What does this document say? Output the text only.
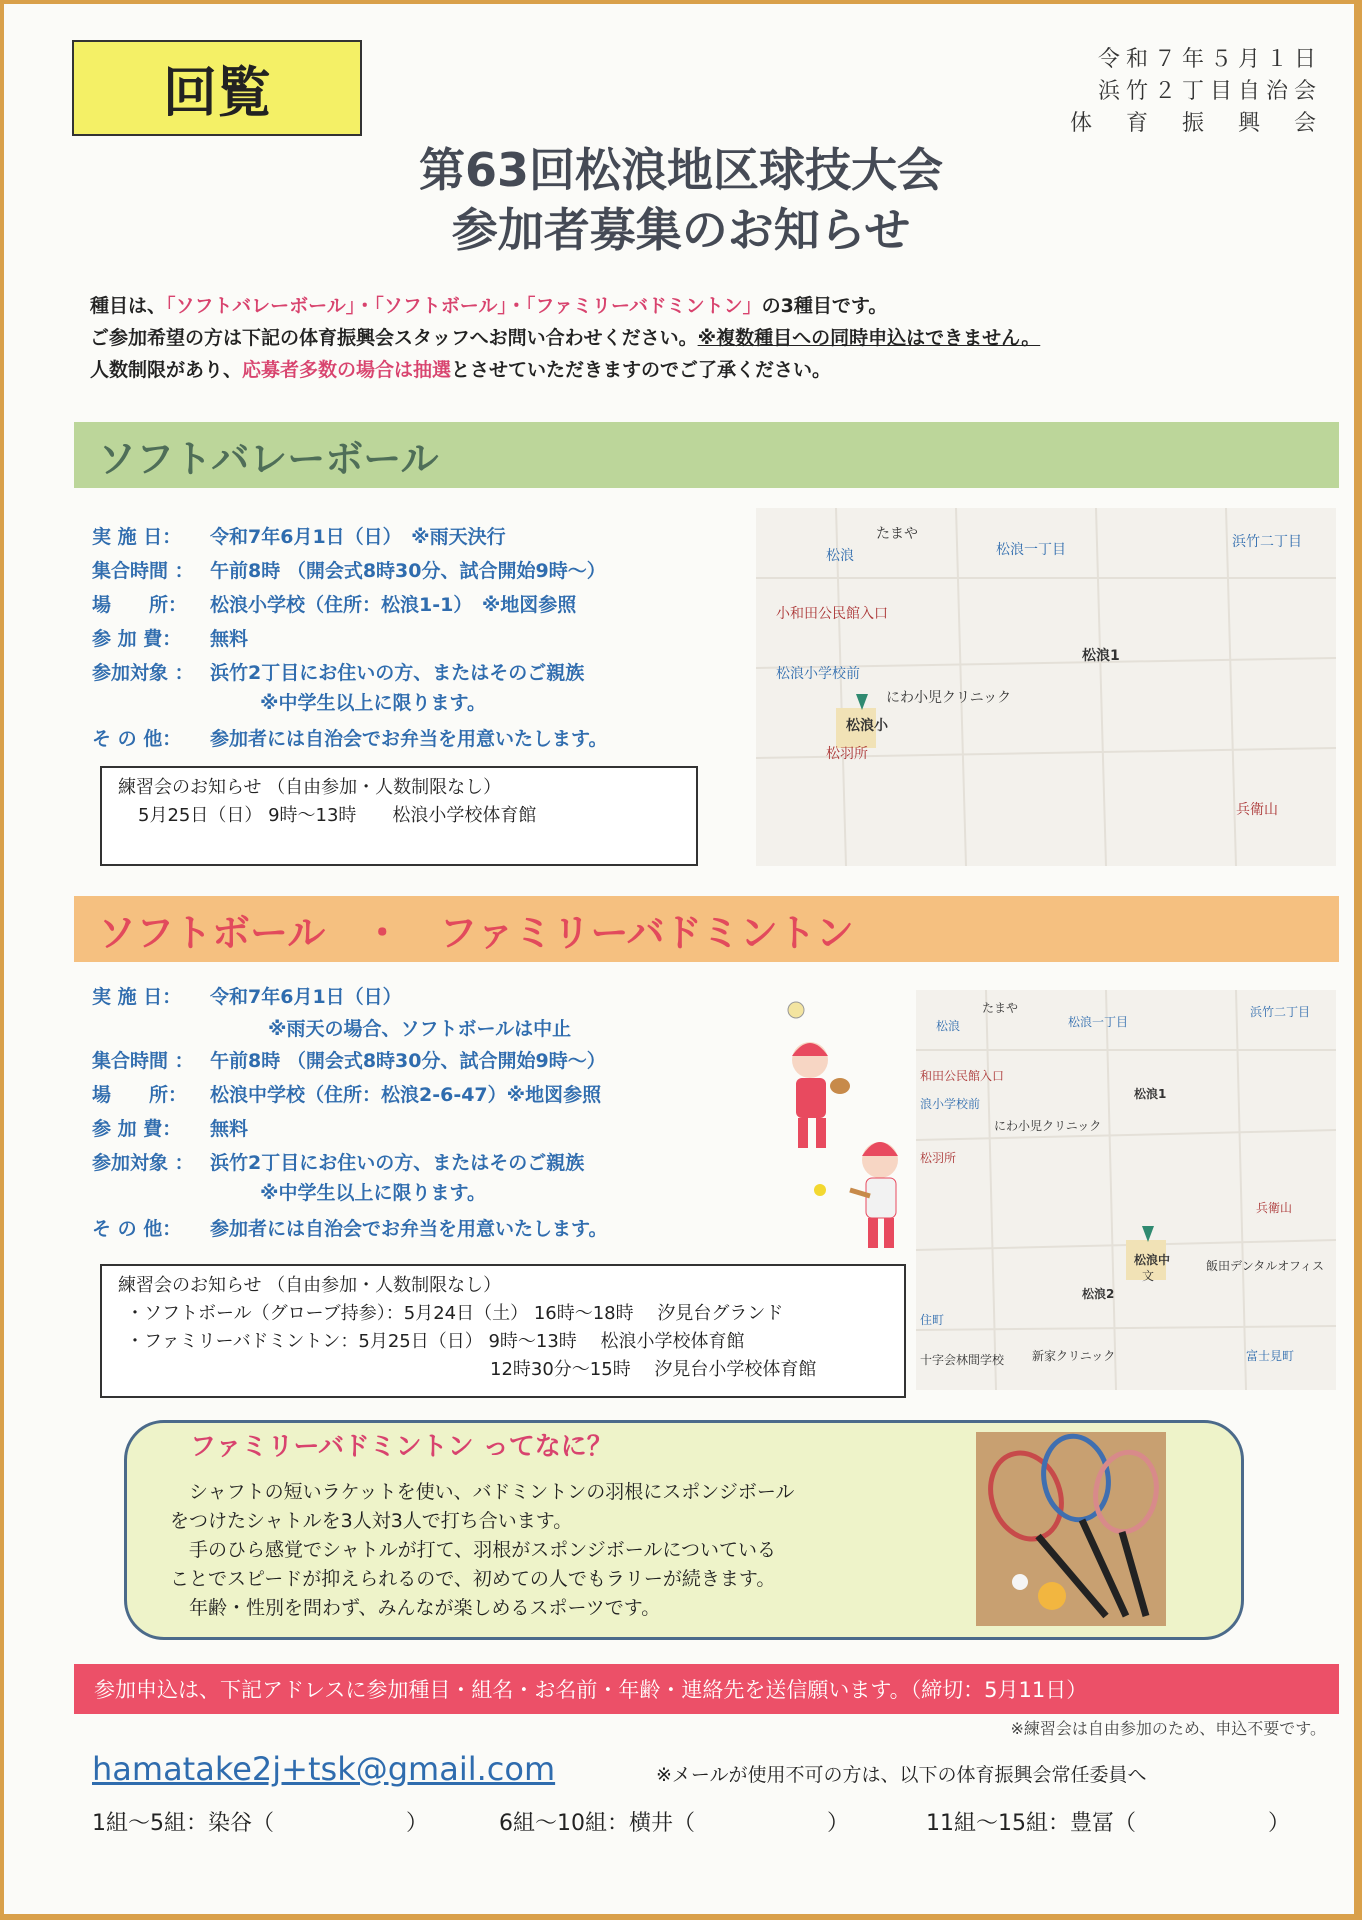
回覧
令和７年５月１日
浜竹２丁目自治会
体　育　振　興　会
第63回松浪地区球技大会
参加者募集のお知らせ
種目は、「ソフトバレーボール」・「ソフトボール」・「ファミリーバドミントン」の3種目です。
ご参加希望の方は下記の体育振興会スタッフへお問い合わせください。※複数種目への同時申込はできません。
人数制限があり、応募者多数の場合は抽選とさせていただきますのでご了承ください。
ソフトバレーボール
実 施 日： 令和7年6月1日（日）　※雨天決行
集合時間 ： 午前8時 （開会式8時30分、試合開始9時～）
場　　所： 松浪小学校（住所：松浪1-1）　※地図参照
参 加 費： 無料
参加対象 ： 浜竹2丁目にお住いの方、またはそのご親族
※中学生以上に限ります。
そ の 他： 参加者には自治会でお弁当を用意いたします。
練習会のお知らせ （自由参加・人数制限なし）
5月25日（日） 9時～13時　　松浪小学校体育館
たまや
松浪	松浪一丁目	浜竹二丁目
小和田公民館入口
松浪1
松浪小学校前
にわ小児クリニック
松浪小
松羽所
兵衛山
ソフトボール　・　ファミリーバドミントン
実 施 日： 令和7年6月1日（日）
※雨天の場合、ソフトボールは中止
集合時間 ： 午前8時 （開会式8時30分、試合開始9時～）
場　　所： 松浪中学校（住所：松浪2-6-47）※地図参照
参 加 費： 無料
参加対象 ： 浜竹2丁目にお住いの方、またはそのご親族
※中学生以上に限ります。
そ の 他： 参加者には自治会でお弁当を用意いたします。
たまや
松浪	松浪一丁目
浜竹二丁目
和田公民館入口
松浪1
浪小学校前
にわ小児クリニック
松羽所
兵衛山
松浪中
文
飯田デンタルオフィス
松浪2
住町
十字会林間学校 新家クリニック	富士見町
練習会のお知らせ （自由参加・人数制限なし）
・ソフトボール（グローブ持参）：5月24日（土） 16時～18時　 汐見台グランド
・ファミリーバドミントン：5月25日（日） 9時～13時　 松浪小学校体育館
12時30分～15時　 汐見台小学校体育館
ファミリーバドミントン ってなに？
　シャフトの短いラケットを使い、バドミントンの羽根にスポンジボール
をつけたシャトルを3人対3人で打ち合います。
　手のひら感覚でシャトルが打て、羽根がスポンジボールについている
ことでスピードが抑えられるので、初めての人でもラリーが続きます。
　年齢・性別を問わず、みんなが楽しめるスポーツです。
参加申込は、下記アドレスに参加種目・組名・お名前・年齢・連絡先を送信願います。（締切：5月11日）
※練習会は自由参加のため、申込不要です。
hamatake2j+tsk@gmail.com	※メールが使用不可の方は、以下の体育振興会常任委員へ
1組～5組：染谷（　　　　　　）	6組～10組：横井（　　　　　　）	11組～15組：豊冨（　　　　　　）
